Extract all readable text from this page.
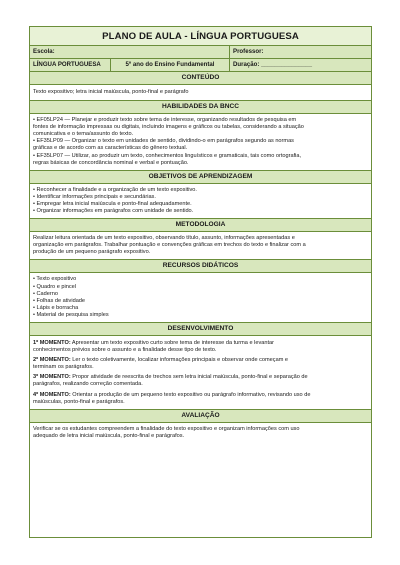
PLANO DE AULA - LÍNGUA PORTUGUESA
Escola:	Professor:
LÍNGUA PORTUGUESA	5º ano do Ensino Fundamental	Duração: _______________
CONTEÚDO
Texto expositivo; letra inicial maiúscula, ponto-final e parágrafo
HABILIDADES DA BNCC
• EF05LP24 — Planejar e produzir texto sobre tema de interesse, organizando resultados de pesquisa em
fontes de informação impressas ou digitais, incluindo imagens e gráficos ou tabelas, considerando a situação
comunicativa e o tema/assunto do texto.
• EF35LP09 — Organizar o texto em unidades de sentido, dividindo-o em parágrafos segundo as normas
gráficas e de acordo com as características do gênero textual.
• EF35LP07 — Utilizar, ao produzir um texto, conhecimentos linguísticos e gramaticais, tais como ortografia,
regras básicas de concordância nominal e verbal e pontuação.
OBJETIVOS DE APRENDIZAGEM
• Reconhecer a finalidade e a organização de um texto expositivo.
• Identificar informações principais e secundárias.
• Empregar letra inicial maiúscula e ponto-final adequadamente.
• Organizar informações em parágrafos com unidade de sentido.
METODOLOGIA
Realizar leitura orientada de um texto expositivo, observando título, assunto, informações apresentadas e
organização em parágrafos. Trabalhar pontuação e convenções gráficas em trechos do texto e finalizar com a
produção de um pequeno parágrafo expositivo.
RECURSOS DIDÁTICOS
• Texto expositivo
• Quadro e pincel
• Caderno
• Folhas de atividade
• Lápis e borracha
• Material de pesquisa simples
DESENVOLVIMENTO

1º MOMENTO: Apresentar um texto expositivo curto sobre tema de interesse da turma e levantar
conhecimentos prévios sobre o assunto e a finalidade desse tipo de texto.

2º MOMENTO: Ler o texto coletivamente, localizar informações principais e observar onde começam e
terminam os parágrafos.

3º MOMENTO: Propor atividade de reescrita de trechos sem letra inicial maiúscula, ponto-final e separação de
parágrafos, realizando correção comentada.

4º MOMENTO: Orientar a produção de um pequeno texto expositivo ou parágrafo informativo, revisando uso de
maiúsculas, ponto-final e parágrafos.

AVALIAÇÃO
Verificar se os estudantes compreendem a finalidade do texto expositivo e organizam informações com uso
adequado de letra inicial maiúscula, ponto-final e parágrafos.
